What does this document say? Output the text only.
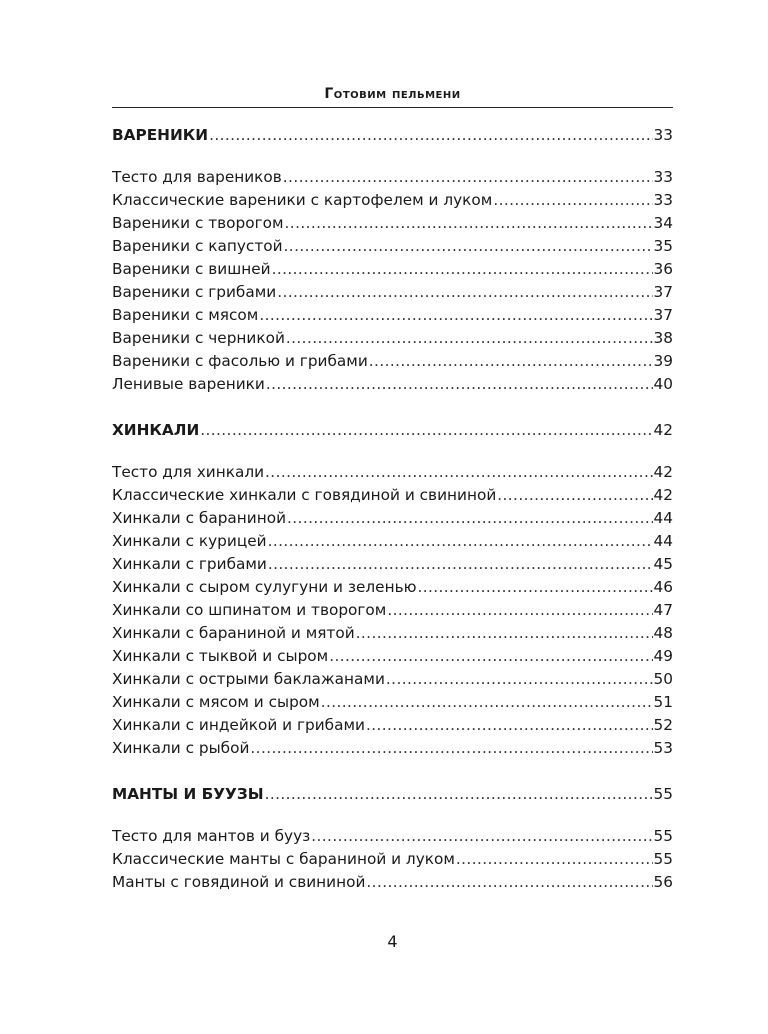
Готовим пельмени
ВАРЕНИКИ .....	33
Тесто для вареников .....	33
Классические вареники с картофелем и луком .....	33
Вареники с творогом .....	34
Вареники с капустой .....	35
Вареники с вишней .....	36
Вареники с грибами .....	37
Вареники с мясом .....	37
Вареники с черникой .....	38
Вареники с фасолью и грибами .....	39
Ленивые вареники .....	40
ХИНКАЛИ .....	42
Тесто для хинкали .....	42
Классические хинкали с говядиной и свининой .....	42
Хинкали с бараниной .....	44
Хинкали с курицей .....	44
Хинкали с грибами .....	45
Хинкали с сыром сулугуни и зеленью .....	46
Хинкали со шпинатом и творогом .....	47
Хинкали с бараниной и мятой .....	48
Хинкали с тыквой и сыром .....	49
Хинкали с острыми баклажанами .....	50
Хинкали с мясом и сыром .....	51
Хинкали с индейкой и грибами .....	52
Хинкали с рыбой .....	53
МАНТЫ И БУУЗЫ .....	55
Тесто для мантов и бууз .....	55
Классические манты с бараниной и луком .....	55
Манты с говядиной и свининой .....	56
4
